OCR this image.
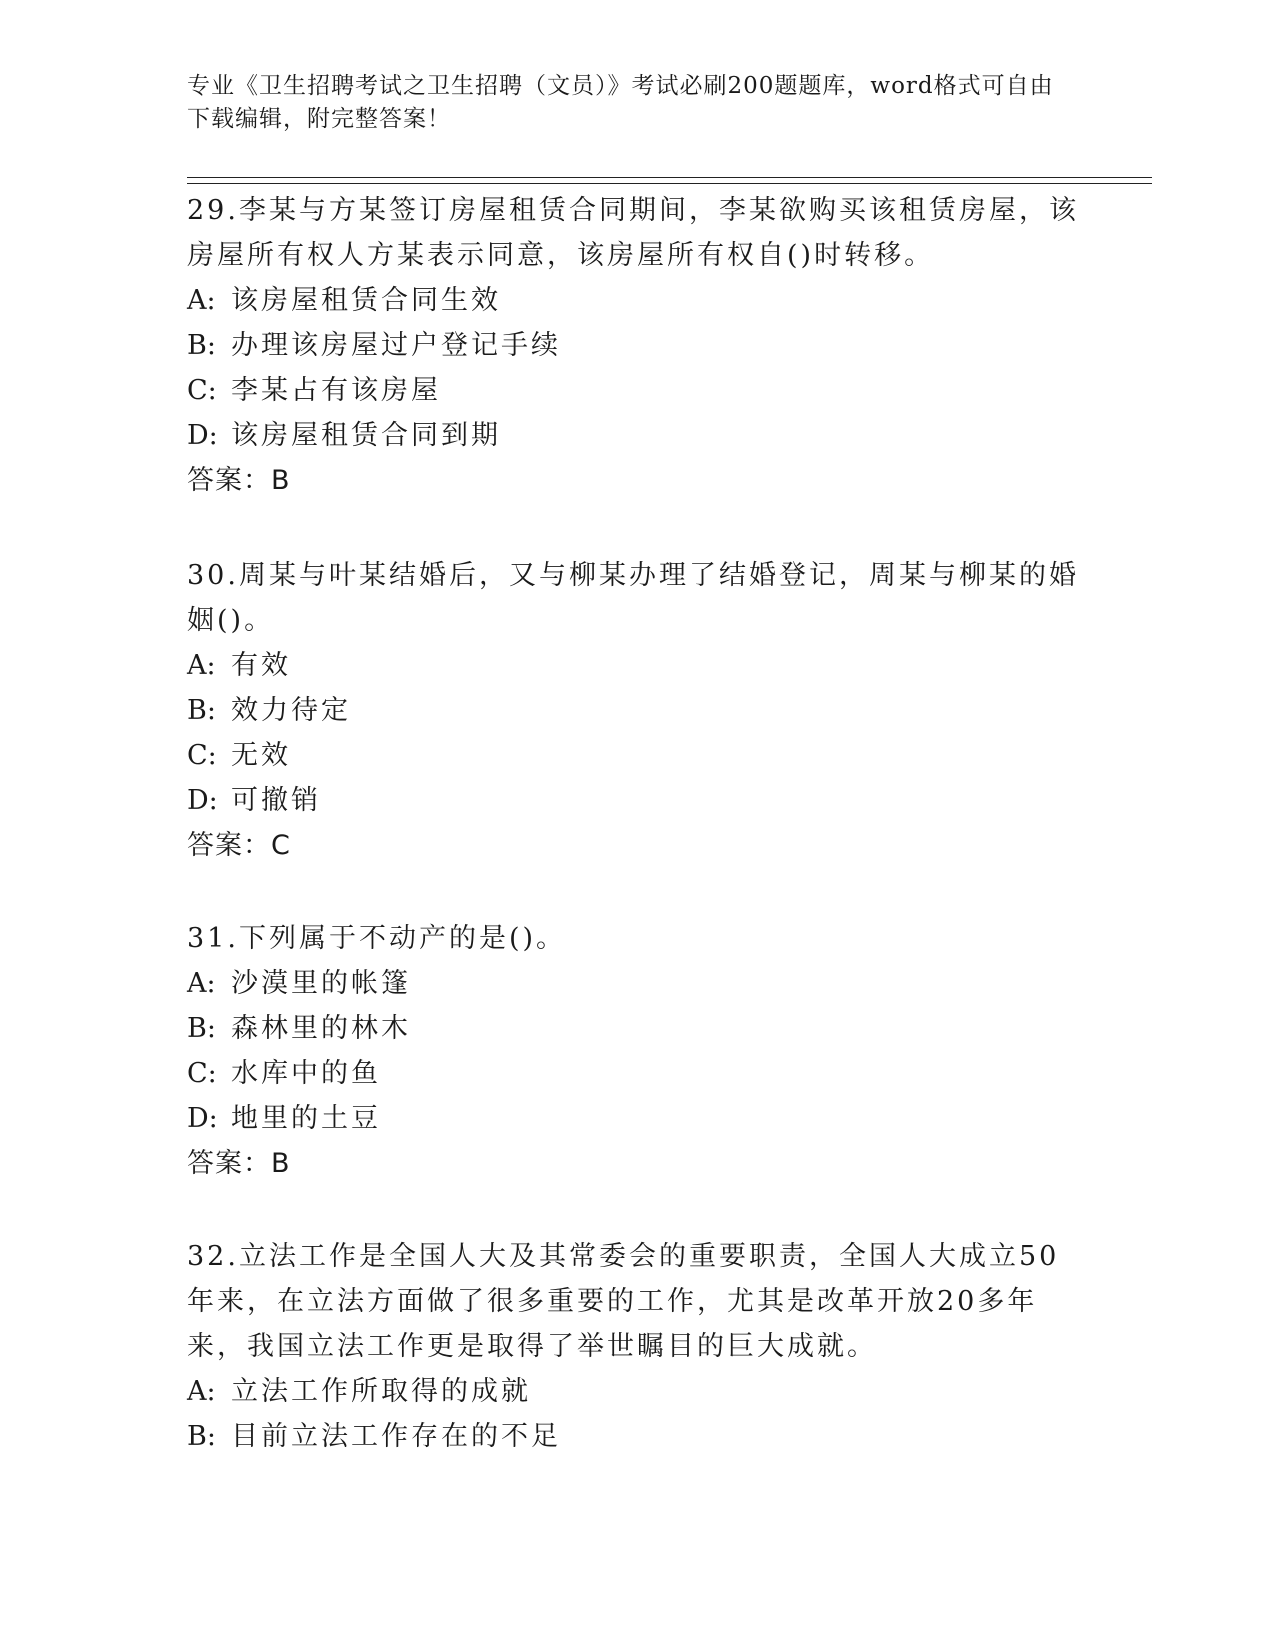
专业《卫生招聘考试之卫生招聘（文员）》考试必刷200题题库，word格式可自由下载编辑，附完整答案！

29.李某与方某签订房屋租赁合同期间，李某欲购买该租赁房屋，该房屋所有权人方某表示同意，该房屋所有权自()时转移。

A: 该房屋租赁合同生效

B: 办理该房屋过户登记手续

C: 李某占有该房屋

D: 该房屋租赁合同到期

答案：B

30.周某与叶某结婚后，又与柳某办理了结婚登记，周某与柳某的婚姻()。

A: 有效

B: 效力待定

C: 无效

D: 可撤销

答案：C

31.下列属于不动产的是()。

A: 沙漠里的帐篷

B: 森林里的林木

C: 水库中的鱼

D: 地里的土豆

答案：B

32.立法工作是全国人大及其常委会的重要职责，全国人大成立50年来，在立法方面做了很多重要的工作，尤其是改革开放20多年来，我国立法工作更是取得了举世瞩目的巨大成就。

A: 立法工作所取得的成就

B: 目前立法工作存在的不足
